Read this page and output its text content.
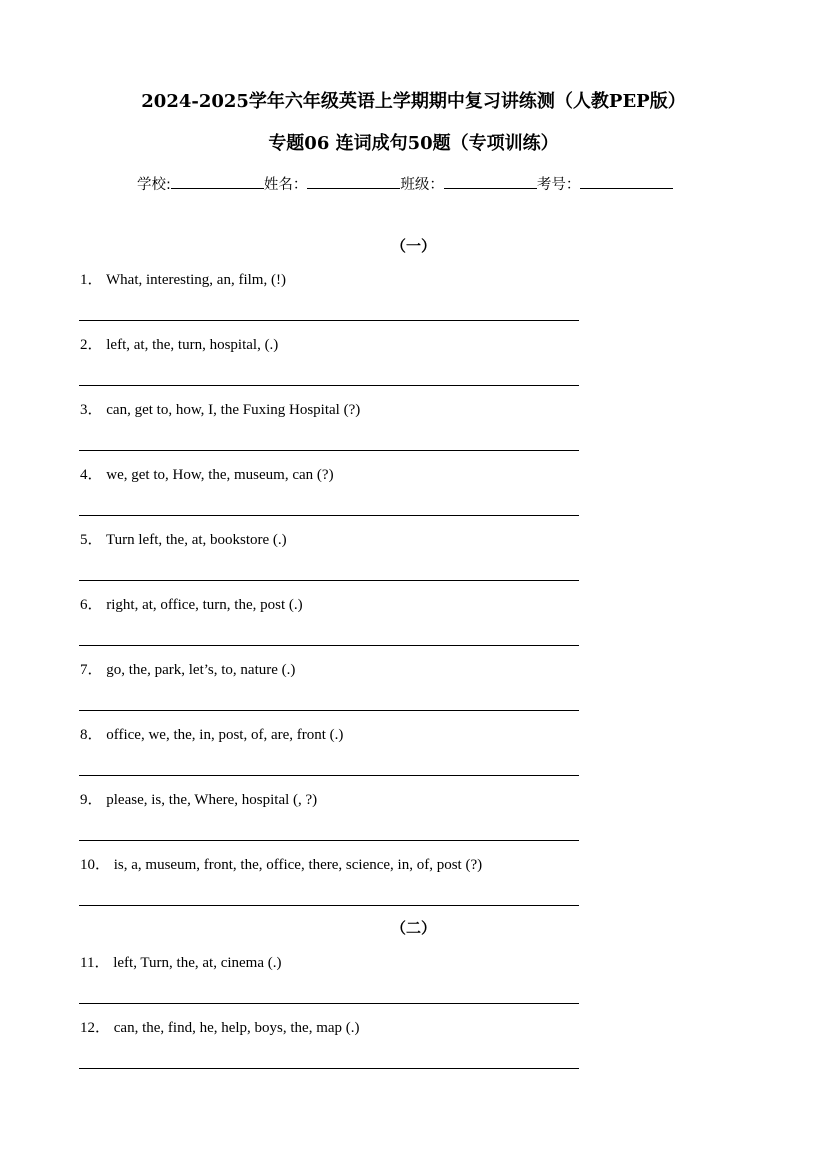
2024-2025学年六年级英语上学期期中复习讲练测（人教PEP版）
专题06 连词成句50题（专项训练）
学校:	姓名：	班级：	考号：
（一）
1． What, interesting, an, film, (!)
2． left, at, the, turn, hospital, (.)
3． can, get to, how, I, the Fuxing Hospital (?)
4． we, get to, How, the, museum, can (?)
5． Turn left, the, at, bookstore (.)
6． right, at, office, turn, the, post (.)
7． go, the, park, let’s, to, nature (.)
8． office, we, the, in, post, of, are, front (.)
9． please, is, the, Where, hospital (, ?)
10． is, a, museum, front, the, office, there, science, in, of, post (?)
（二）
11． left, Turn, the, at, cinema (.)
12． can, the, find, he, help, boys, the, map (.)
